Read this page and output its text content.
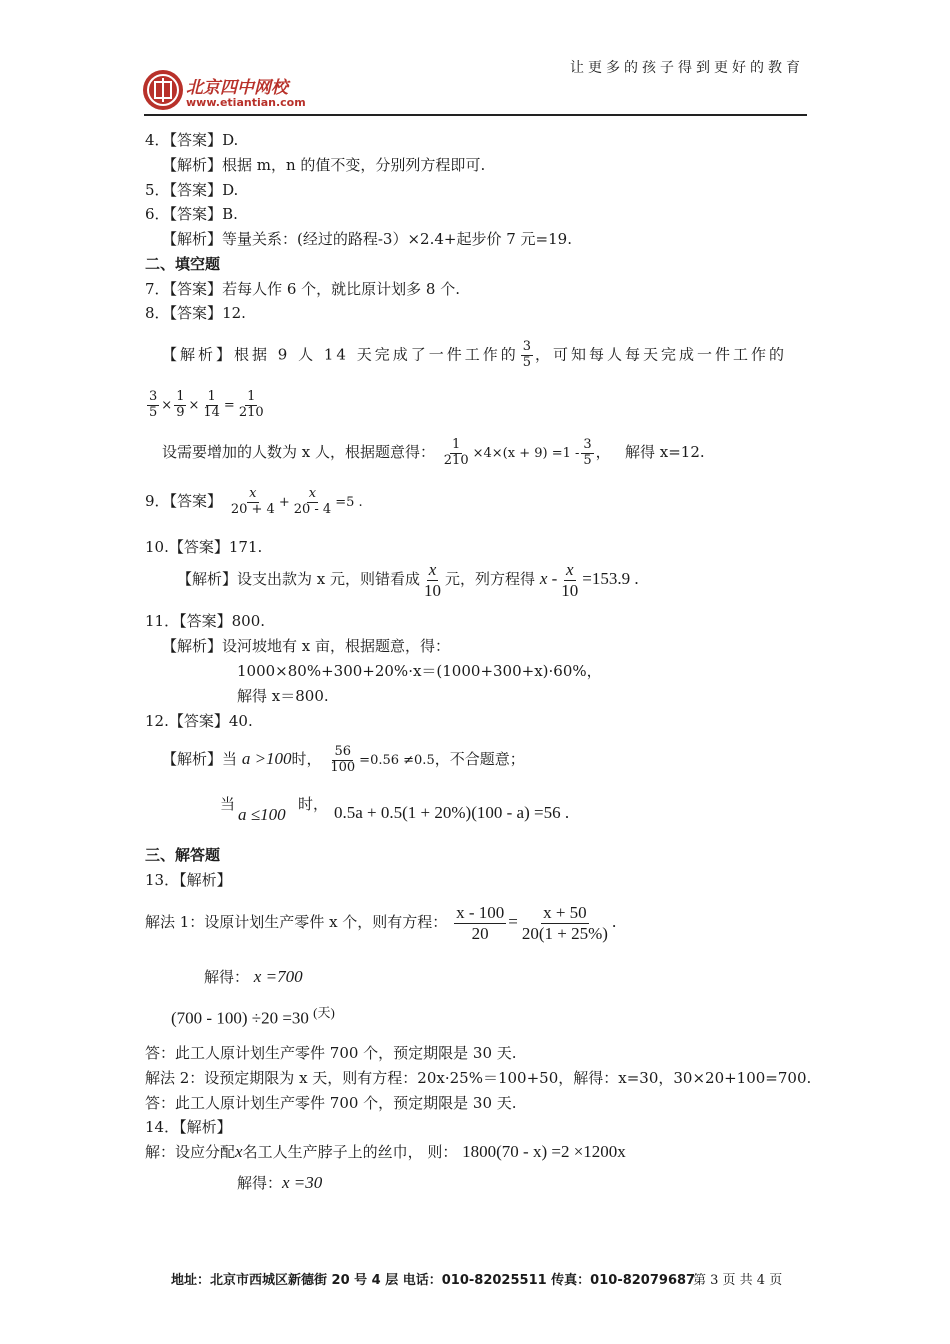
让更多的孩子得到更好的教育
北京四中网校
www.etiantian.com
4．【答案】D.
【解析】根据 m，n 的值不变，分别列方程即可.
5．【答案】D.
6．【答案】B.
【解析】等量关系：(经过的路程-3）×2.4+起步价 7 元=19.
二、填空题
7．【答案】若每人作 6 个，就比原计划多 8 个.
8．【答案】12.
【解析】根据 9 人 14 天完成了一件工作的 $\frac{3}{5}$ ，可知每人每天完成一件工作的
$\frac{3}{5} \times \frac{1}{9} \times \frac{1}{14} = \frac{1}{210}$
设需要增加的人数为 x 人，根据题意得： $\frac{1}{210} \times 4\times(x + 9) =1 - \frac{3}{5}$ ， 解得 x=12.
9．【答案】 $\frac{x}{20 + 4} + \frac{x}{20 - 4} =5$ .
10.【答案】171.
【解析】设支出款为 x 元，则错看成 $\frac{x}{10}$ 元，列方程得 $x - \frac{x}{10} =153.9$ .
11．【答案】800.
【解析】设河坡地有 x 亩，根据题意，得：
1000×80%+300+20%·x＝(1000+300+x)·60%，
解得 x＝800.
12.【答案】40.
【解析】当 a >100时， $\frac{56}{100} =0.56 \ne 0.5$，不合题意；
当
a ≤100
时， 0.5a + 0.5(1 + 20%)(100 - a) =56 .
三、解答题
13．【解析】
解法 1：设原计划生产零件 x 个，则有方程： $\frac{x - 100}{20} = \frac{x + 50}{20(1 + 25\%)}$ .
解得： x =700
(700 - 100) ÷20 =30 $^{(天)}$
答：此工人原计划生产零件 700 个，预定期限是 30 天.
解法 2：设预定期限为 x 天，则有方程：20x·25%＝100+50，解得：x=30，30×20+100=700.
答：此工人原计划生产零件 700 个，预定期限是 30 天.
14．【解析】
解：设应分配x名工人生产脖子上的丝巾， 则： 1800(70 - x) =2 ×1200x
解得：x =30
地址：北京市西城区新德街 20 号 4 层 电话：010-82025511 传真：010-82079687
第 3 页 共 4 页
